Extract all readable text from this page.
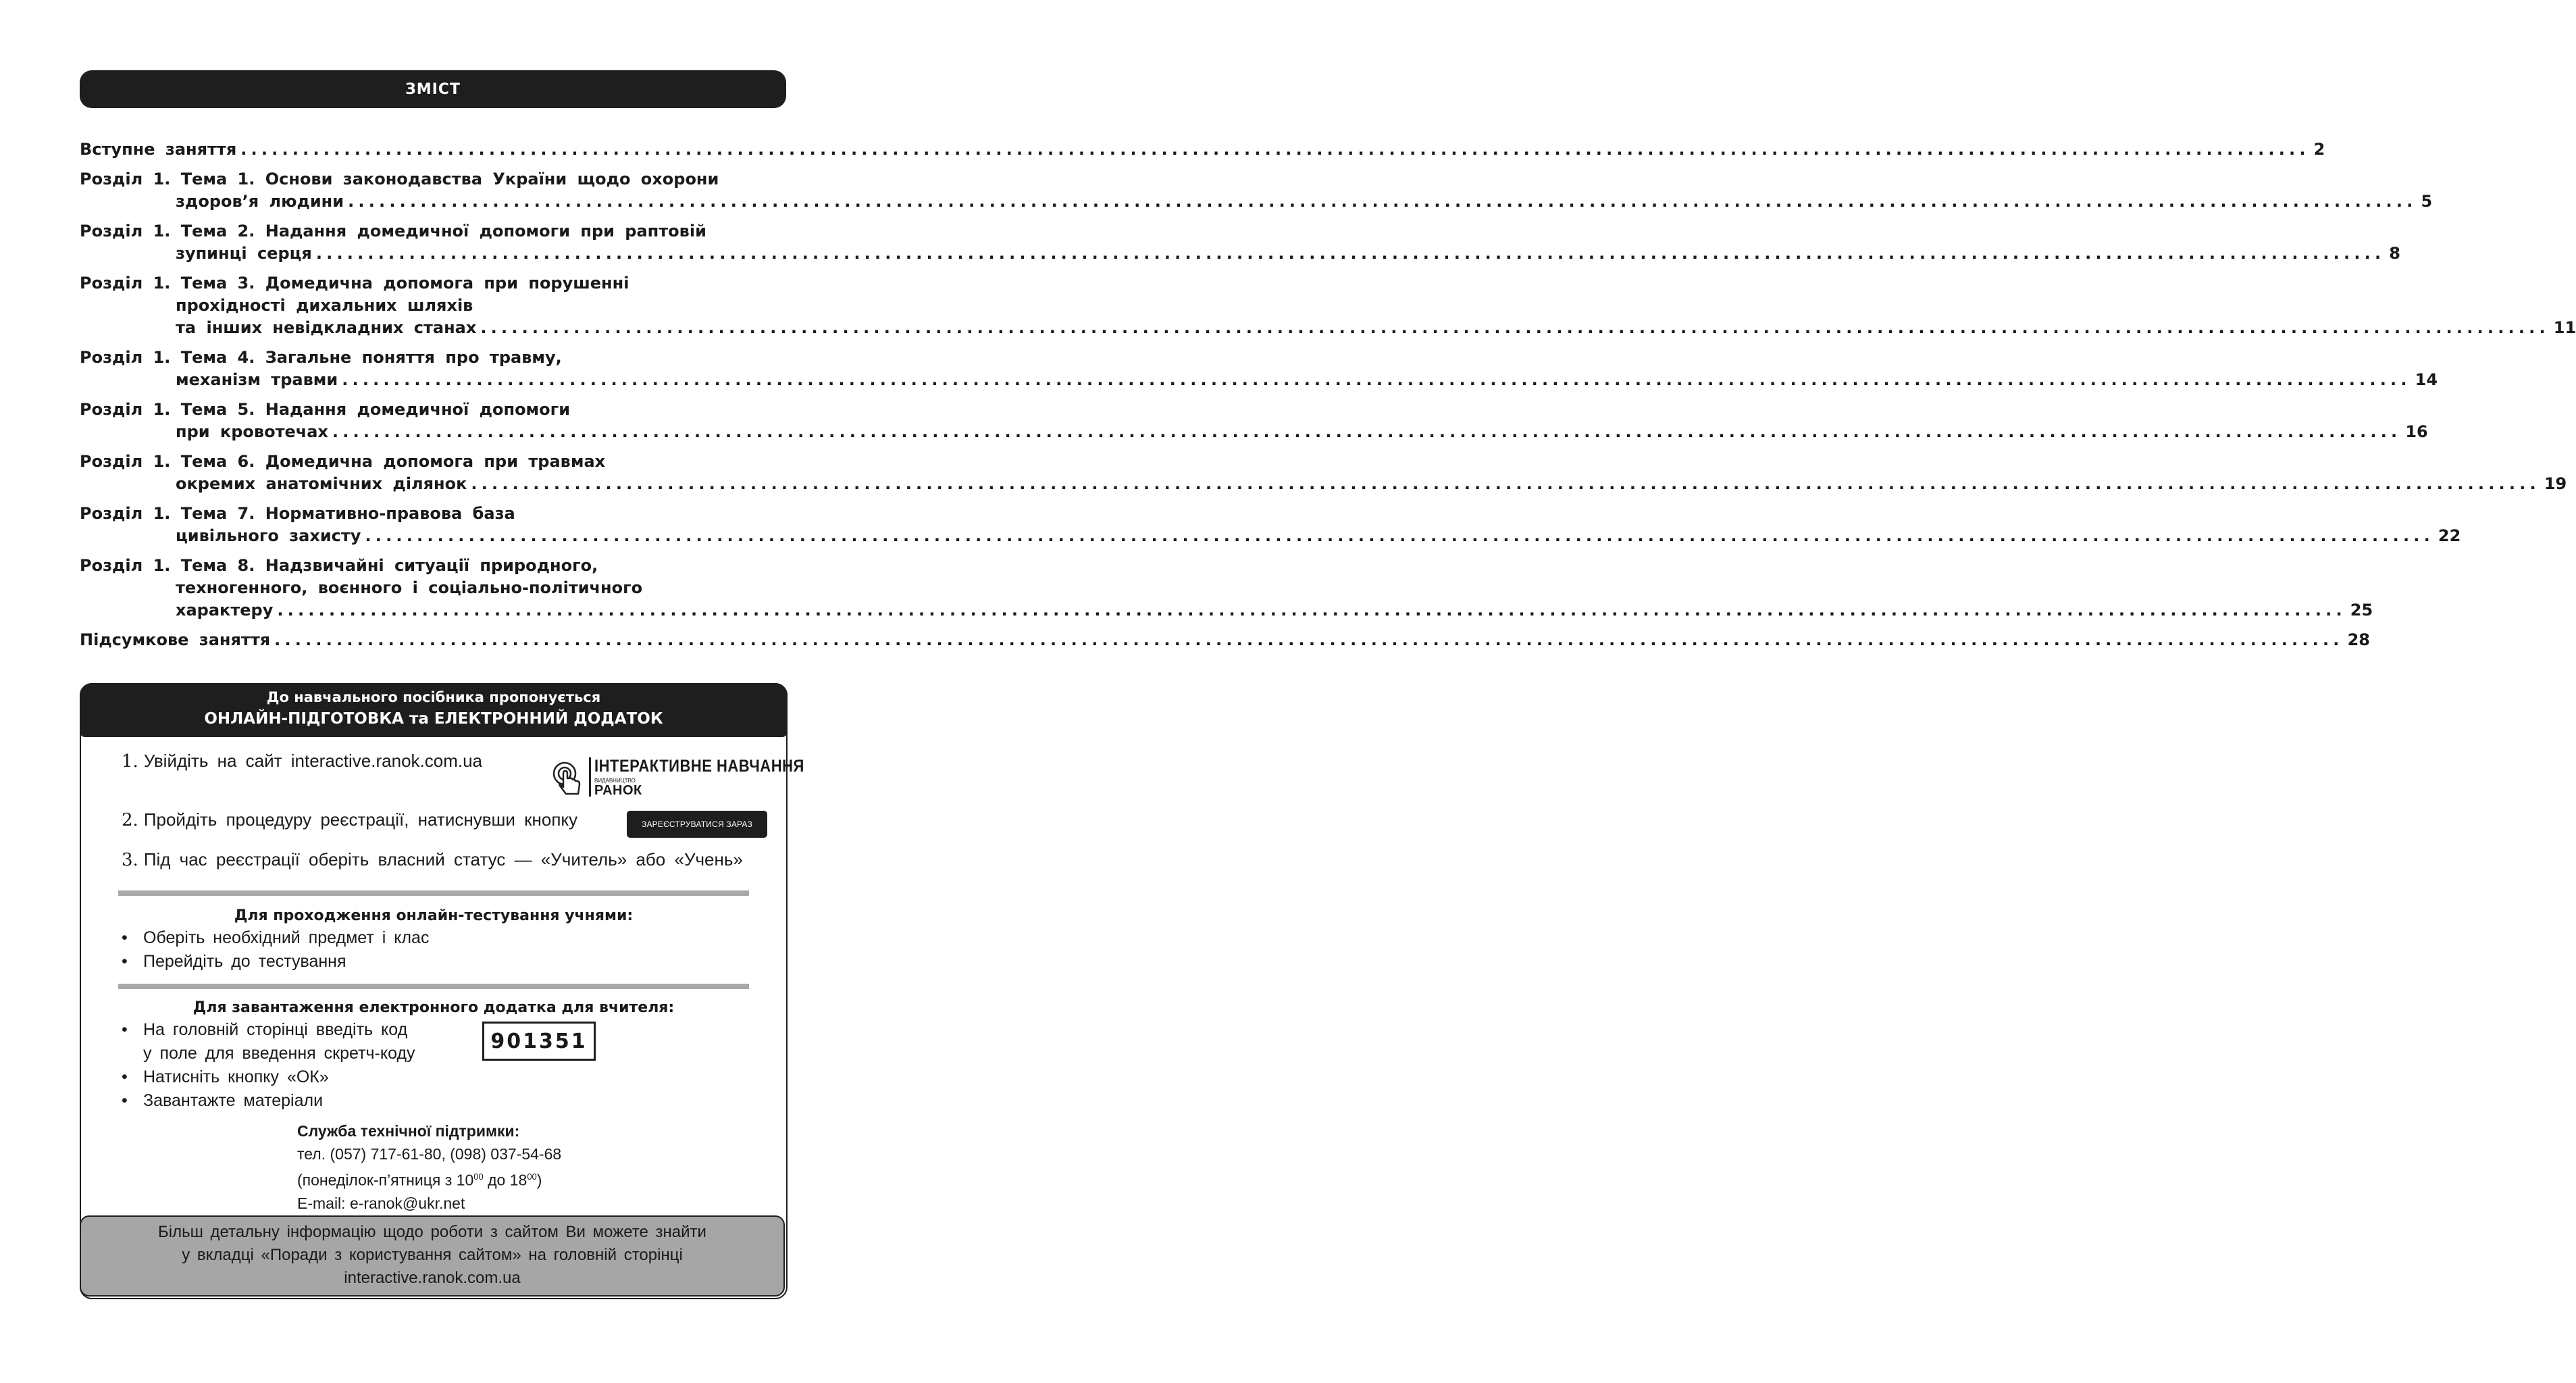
ЗМІСТ
Вступне заняття ........................................................................................................................................................................................................ 2
Розділ 1. Тема 1. Основи законодавства України щодо охорони
здоров’я людини ........................................................................................................................................................................................................ 5
Розділ 1. Тема 2. Надання домедичної допомоги при раптовій
зупинці серця ........................................................................................................................................................................................................ 8
Розділ 1. Тема 3. Домедична допомога при порушенні
прохідності дихальних шляхів
та інших невідкладних станах ........................................................................................................................................................................................................ 11
Розділ 1. Тема 4. Загальне поняття про травму,
механізм травми ........................................................................................................................................................................................................ 14
Розділ 1. Тема 5. Надання домедичної допомоги
при кровотечах ........................................................................................................................................................................................................ 16
Розділ 1. Тема 6. Домедична допомога при травмах
окремих анатомічних ділянок ........................................................................................................................................................................................................ 19
Розділ 1. Тема 7. Нормативно-правова база
цивільного захисту ........................................................................................................................................................................................................ 22
Розділ 1. Тема 8. Надзвичайні ситуації природного,
техногенного, воєнного і соціально-політичного
характеру ........................................................................................................................................................................................................ 25
Підсумкове заняття ........................................................................................................................................................................................................ 28
До навчального посібника пропонується
ОНЛАЙН-ПІДГОТОВКА та ЕЛЕКТРОННИЙ ДОДАТОК
1. Увійдіть на сайт interactive.ranok.com.ua	ІНТЕРАКТИВНЕ НАВЧАННЯ
ВИДАВНИЦТВО
РАНОК
2. Пройдіть процедуру реєстрації, натиснувши кнопку	ЗАРЕЄСТРУВАТИСЯ ЗАРАЗ
3. Під час реєстрації оберіть власний статус — «Учитель» або «Учень»
Для проходження онлайн-тестування учнями:
• Оберіть необхідний предмет і клас
• Перейдіть до тестування
Для завантаження електронного додатка для вчителя:
• На головній сторінці введіть код
у поле для введення скретч-коду
• Натисніть кнопку «ОК»
• Завантажте матеріали
901351
Служба технічної підтримки:
тел. (057) 717-61-80, (098) 037-54-68
(понеділок-п’ятниця з $10^{00}$ до $18^{00}$)
E-mail: e-ranok@ukr.net
Більш детальну інформацію щодо роботи з сайтом Ви можете знайти
у вкладці «Поради з користування сайтом» на головній сторінці
interactive.ranok.com.ua
